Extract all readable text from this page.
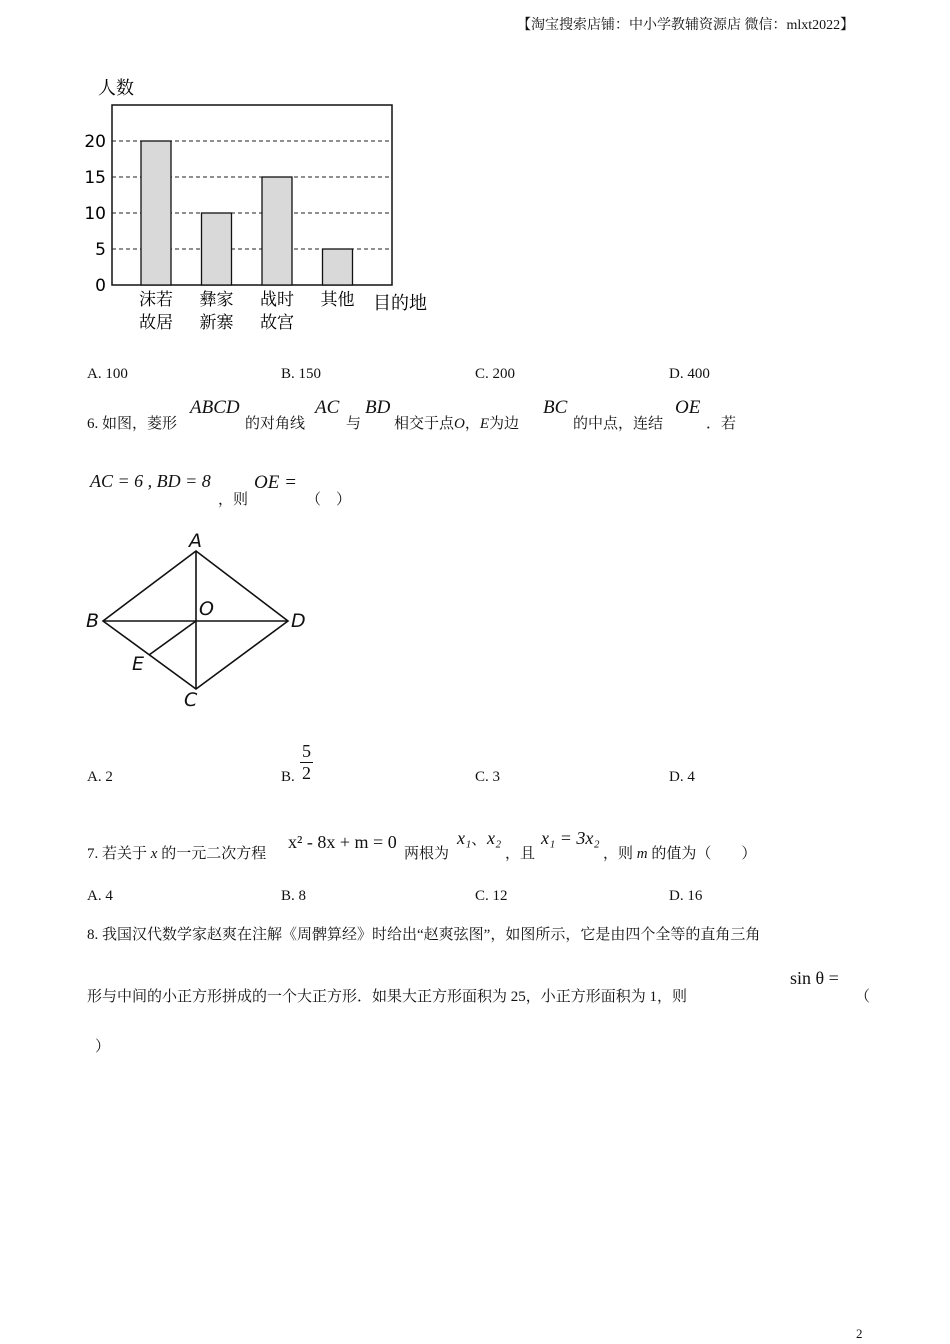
【淘宝搜索店铺：中小学教辅资源店 微信：mlxt2022】
人数
0
5
10
15
20
沫若
故居
彝家
新寨
战时
故宫
其他 目的地
A. 100	B. 150	C. 200	D. 400
6. 如图，菱形
ABCD
的对角线
AC
与
BD
相交于点O，E为边
BC
的中点，连结
OE
．若
AC = 6 , BD = 8
，则
OE =
（　）
A
B
C
D
O
E
A. 2	B. $\frac{5}{2}$	C. 3	D. 4
7. 若关于 x 的一元二次方程
x² - 8x + m = 0
两根为
x₁、 x₂
，且
x₁ = 3x₂
，则 m 的值为（　　）
A. 4	B. 8	C. 12	D. 16
8. 我国汉代数学家赵爽在注解《周髀算经》时给出“赵爽弦图”，如图所示，它是由四个全等的直角三角
形与中间的小正方形拼成的一个大正方形．如果大正方形面积为 25，小正方形面积为 1，则
sin θ =
（
）
2
